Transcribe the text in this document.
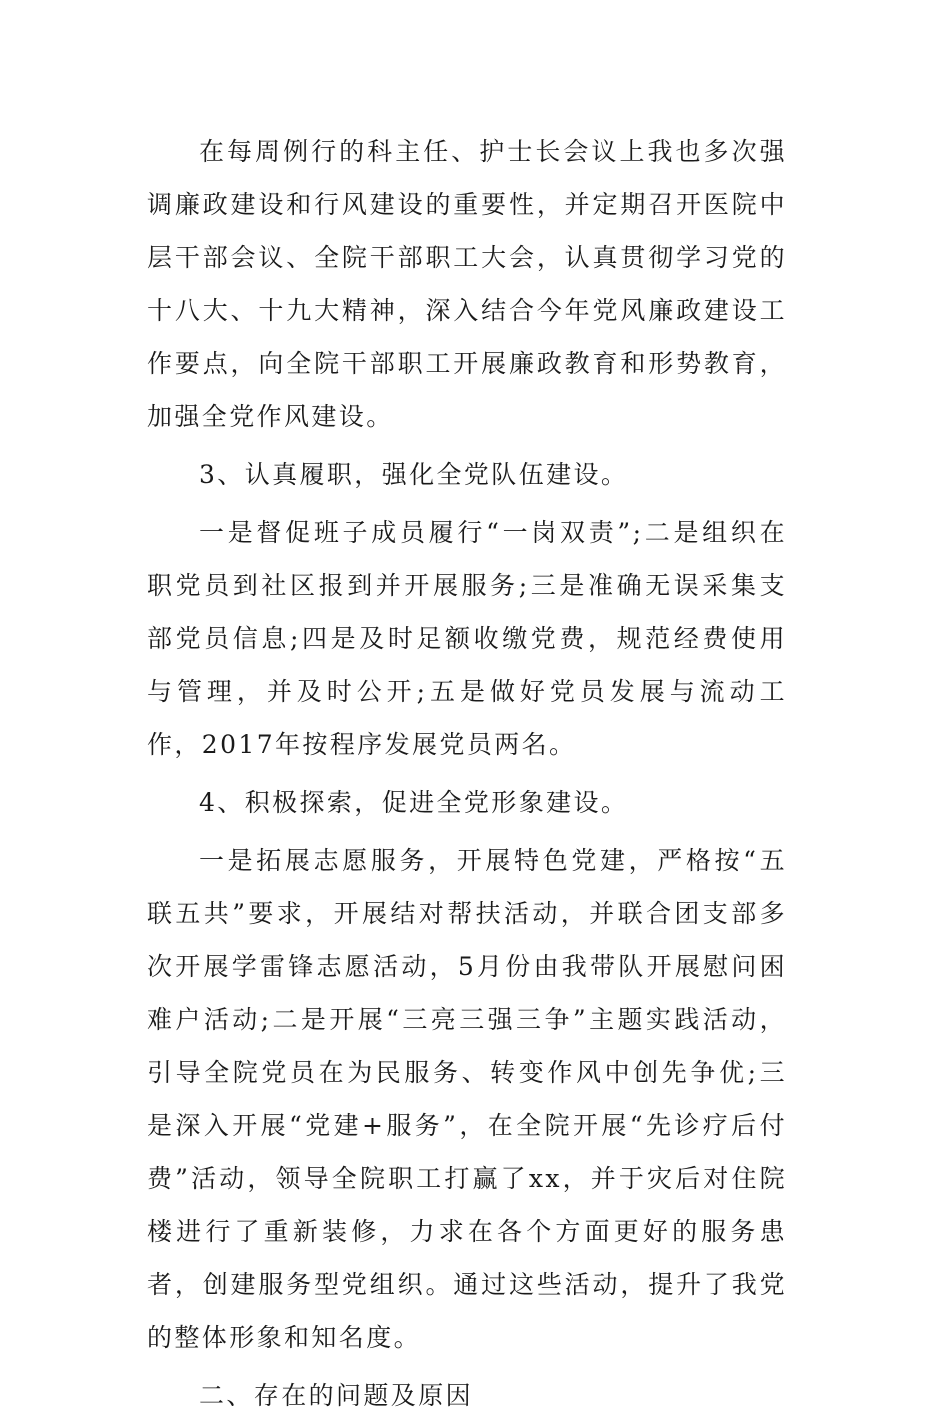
在每周例行的科主任、护士长会议上我也多次强调廉政建设和行风建设的重要性，并定期召开医院中层干部会议、全院干部职工大会，认真贯彻学习党的十八大、十九大精神，深入结合今年党风廉政建设工作要点，向全院干部职工开展廉政教育和形势教育，加强全党作风建设。

3、认真履职，强化全党队伍建设。

一是督促班子成员履行“一岗双责”;二是组织在职党员到社区报到并开展服务;三是准确无误采集支部党员信息;四是及时足额收缴党费，规范经费使用与管理，并及时公开;五是做好党员发展与流动工作，2017年按程序发展党员两名。

4、积极探索，促进全党形象建设。

一是拓展志愿服务，开展特色党建，严格按“五联五共”要求，开展结对帮扶活动，并联合团支部多次开展学雷锋志愿活动，5月份由我带队开展慰问困难户活动;二是开展“三亮三强三争”主题实践活动，引导全院党员在为民服务、转变作风中创先争优;三是深入开展“党建+服务”，在全院开展“先诊疗后付费”活动，领导全院职工打赢了xx，并于灾后对住院楼进行了重新装修，力求在各个方面更好的服务患者，创建服务型党组织。通过这些活动，提升了我党的整体形象和知名度。

二、存在的问题及原因
